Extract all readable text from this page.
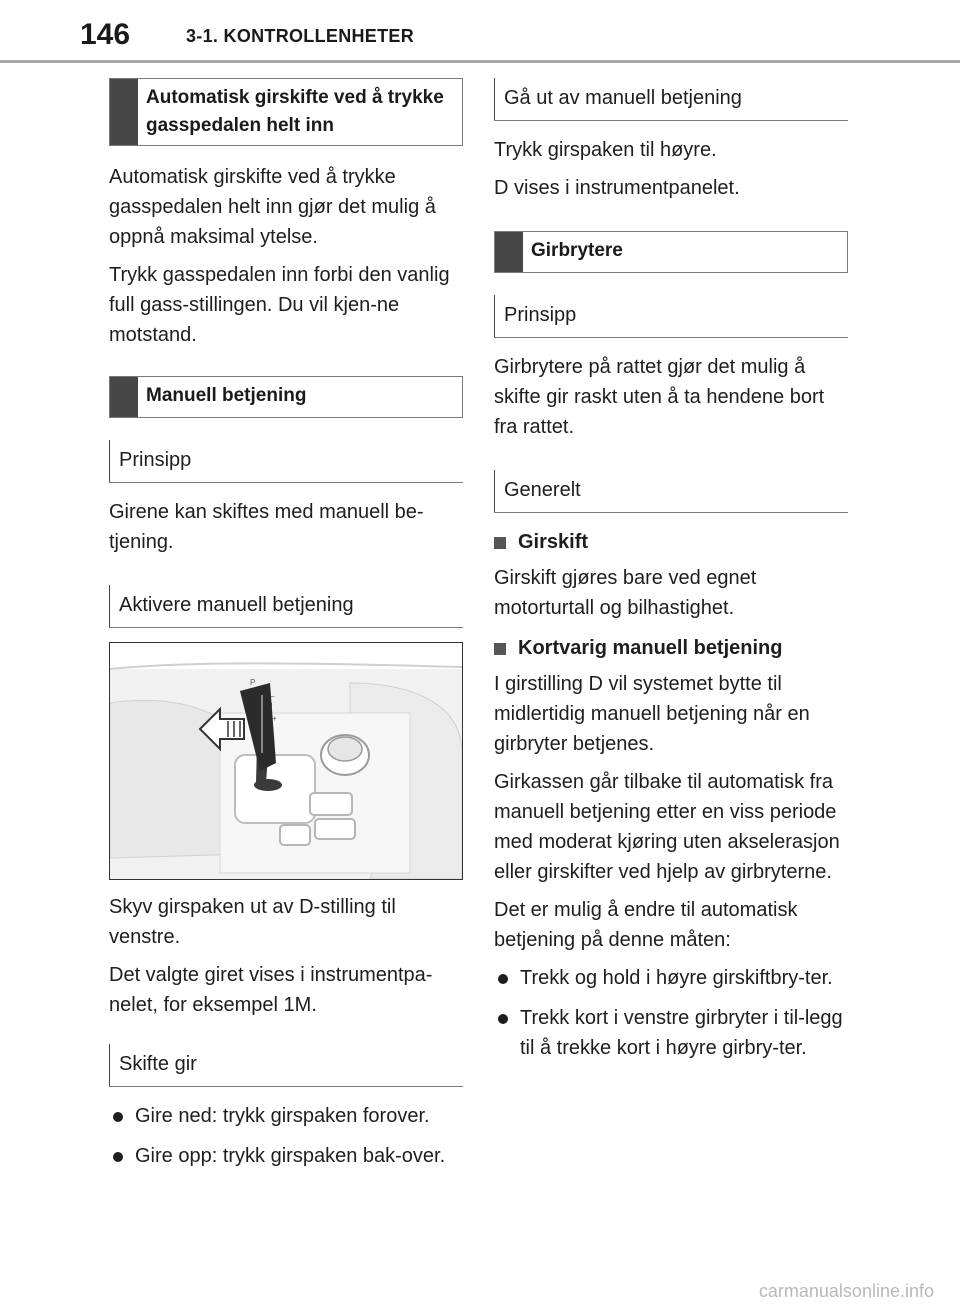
146	3-1. KONTROLLENHETER
Automatisk girskifte ved å trykke gasspedalen helt inn

Automatisk girskifte ved å trykke gasspedalen helt inn gjør det mulig å oppnå maksimal ytelse.

Trykk gasspedalen inn forbi den vanlig full gass-stillingen. Du vil kjen-ne motstand.

Manuell betjening
Prinsipp

Girene kan skiftes med manuell be-tjening.

Aktivere manuell betjening
P
−
+

Skyv girspaken ut av D-stilling til venstre.

Det valgte giret vises i instrumentpa-nelet, for eksempel 1M.

Skifte gir
Gire ned: trykk girspaken forover.
Gire opp: trykk girspaken bak-over.
Gå ut av manuell betjening

Trykk girspaken til høyre.

D vises i instrumentpanelet.

Girbrytere
Prinsipp

Girbrytere på rattet gjør det mulig å skifte gir raskt uten å ta hendene bort fra rattet.

Generelt
Girskift

Girskift gjøres bare ved egnet motorturtall og bilhastighet.

Kortvarig manuell betjening

I girstilling D vil systemet bytte til midlertidig manuell betjening når en girbryter betjenes.

Girkassen går tilbake til automatisk fra manuell betjening etter en viss periode med moderat kjøring uten akselerasjon eller girskifter ved hjelp av girbryterne.

Det er mulig å endre til automatisk betjening på denne måten:

Trekk og hold i høyre girskiftbry-ter.
Trekk kort i venstre girbryter i til-legg til å trekke kort i høyre girbry-ter.
carmanualsonline.info
